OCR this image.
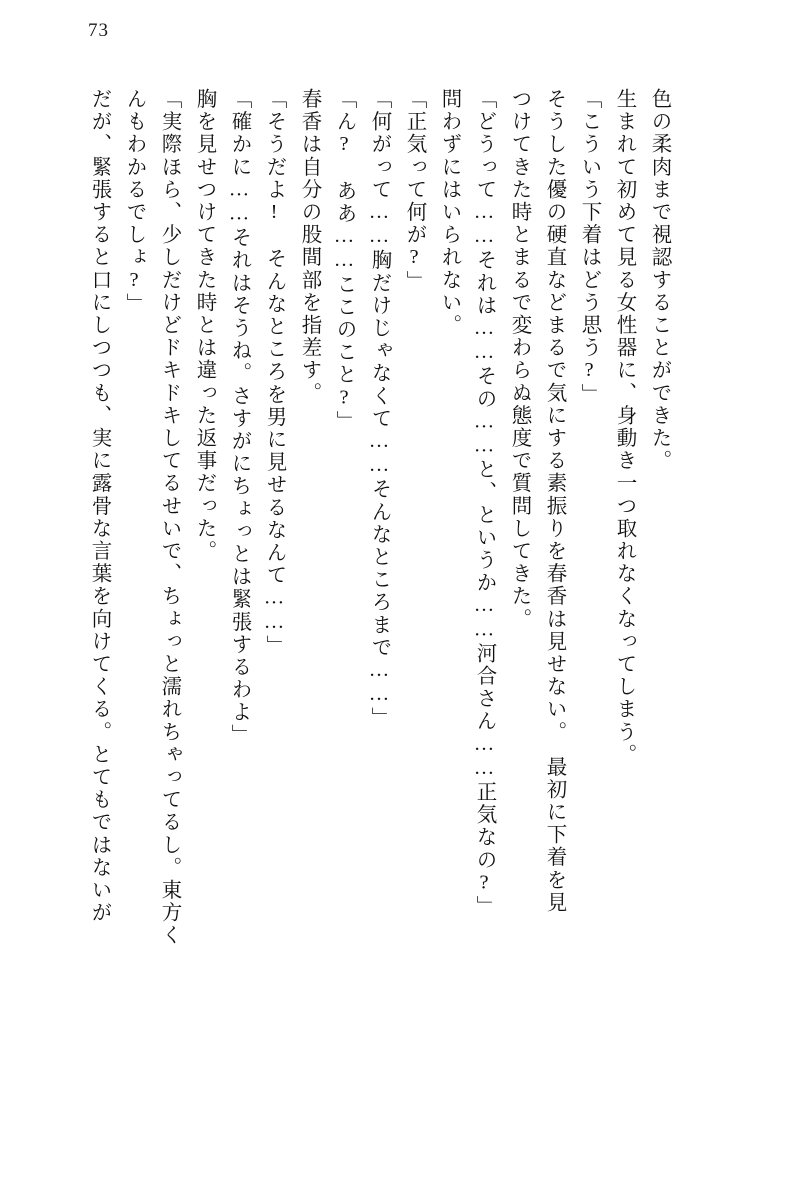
73
だが、緊張すると口にしつつも、実に露骨な言葉を向けてくる。とてもではないが んもわかるでしょ?」 「実際ほら、少しだけどドキドキしてるせいで、ちょっと濡れちゃってるし。東方く 胸を見せつけてきた時とは違った返事だった。 「確かに……それはそうね。さすがにちょっとは緊張するわよ」 「そうだよ!　そんなところを男に見せるなんて……」 春香は自分の股間部を指差す。 「ん?　ああ……ここのこと?」 「何がって……胸だけじゃなくて……そんなところまで……」 「正気って何が?」 問わずにはいられない。 「どうって……それは……その……と、というか……河合さん……正気なの?」 つけてきた時とまるで変わらぬ態度で質問してきた。 そうした優の硬直などまるで気にする素振りを春香は見せない。　最初に下着を見 「こういう下着はどう思う?」 生まれて初めて見る女性器に、身動き一つ取れなくなってしまう。 色の柔肉まで視認することができた。
